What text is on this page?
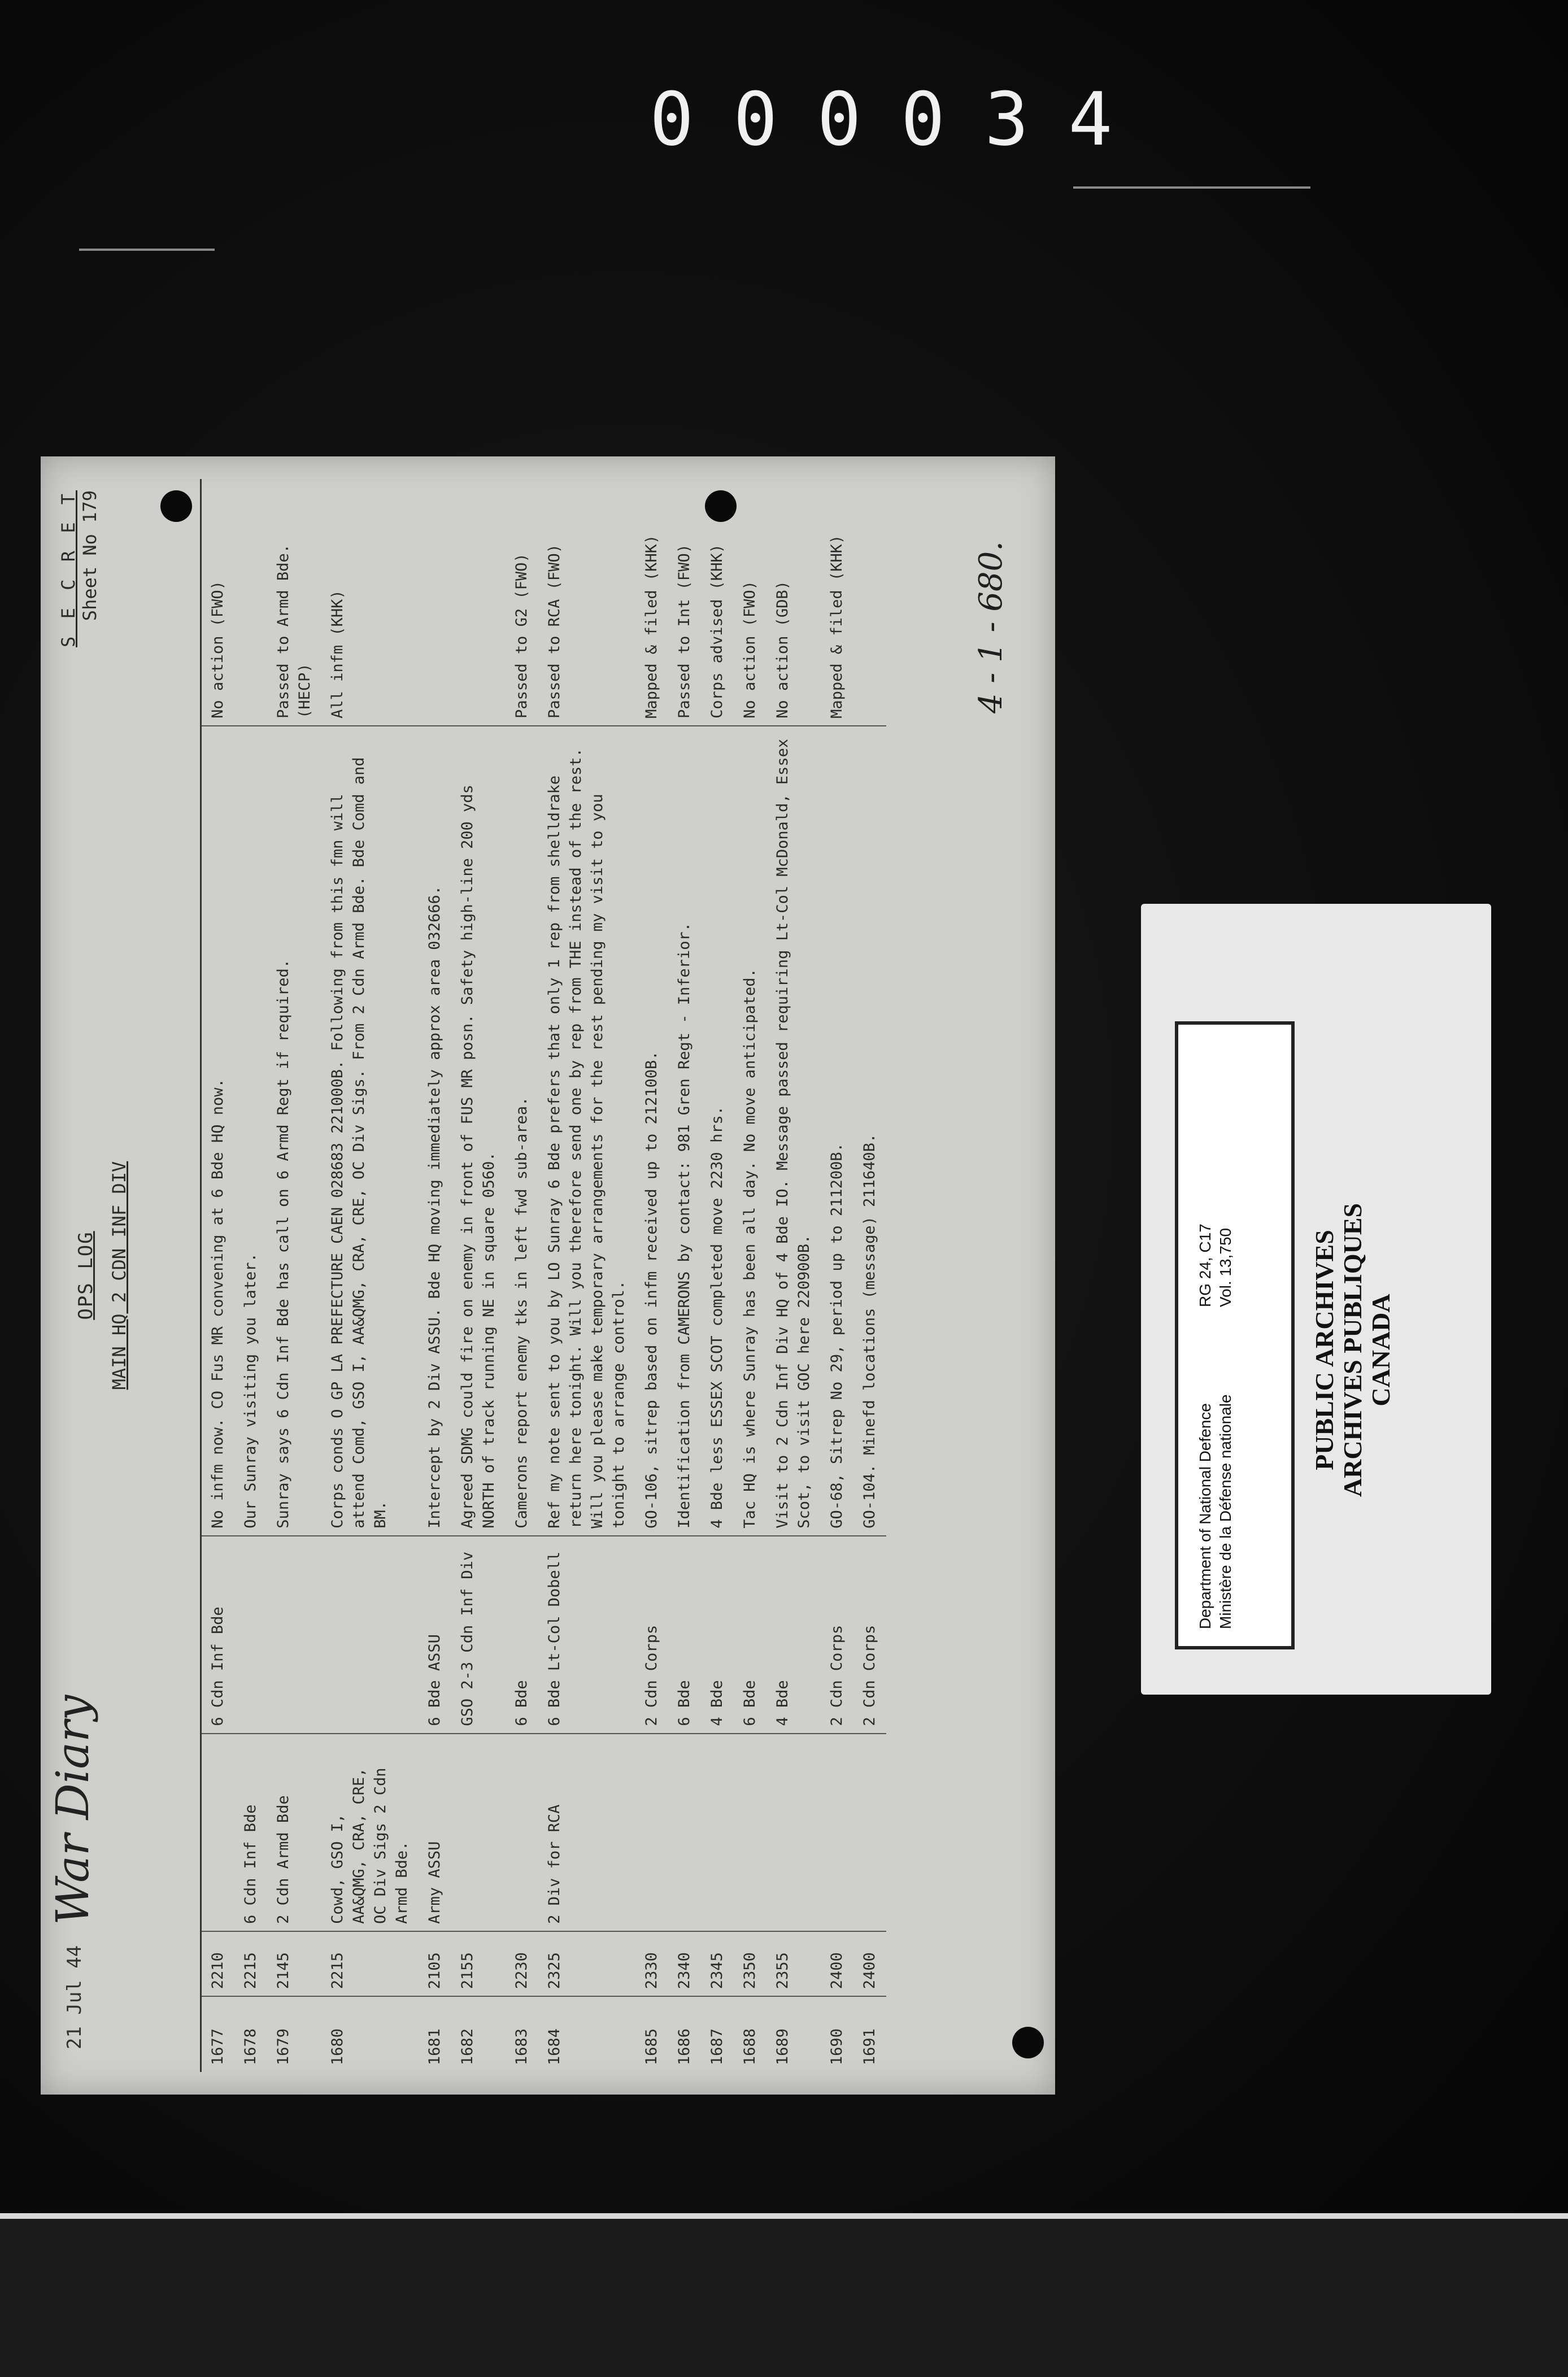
000034
21 Jul 44
War Diary
OPS LOG MAIN HQ 2 CDN INF DIV
S E C R E T Sheet No 179

1677	2210		6 Cdn Inf Bde	No infm now. CO Fus MR convening at 6 Bde HQ now.	No action (FWO)
1678	2215	6 Cdn Inf Bde		Our Sunray visiting you later.	
1679	2145	2 Cdn Armd Bde		Sunray says 6 Cdn Inf Bde has call on 6 Armd Regt if required.	Passed to Armd Bde. (HECP)
1680	2215	Cowd, GSO I, AA&QMG, CRA, CRE, OC Div Sigs 2 Cdn Armd Bde.		Corps conds O GP LA PREFECTURE CAEN 028683 221000B. Following from this fmn will attend Comd, GSO I, AA&QMG, CRA, CRE, OC Div Sigs. From 2 Cdn Armd Bde. Bde Comd and BM.	All infm (KHK)
1681	2105	Army ASSU	6 Bde ASSU	Intercept by 2 Div ASSU. Bde HQ moving immediately approx area 032666.	
1682	2155		GSO 2-3 Cdn Inf Div	Agreed SDMG could fire on enemy in front of FUS MR posn. Safety high-line 200 yds NORTH of track running NE in square 0560.	
1683	2230		6 Bde	Camerons report enemy tks in left fwd sub-area.	Passed to G2 (FWO)
1684	2325	2 Div for RCA	6 Bde Lt-Col Dobell	Ref my note sent to you by LO Sunray 6 Bde prefers that only 1 rep from shelldrake return here tonight. Will you therefore send one by rep from THE instead of the rest. Will you please make temporary arrangements for the rest pending my visit to you tonight to arrange control.	Passed to RCA (FWO)
1685	2330		2 Cdn Corps	GO-106, sitrep based on infm received up to 212100B.	Mapped & filed (KHK)
1686	2340		6 Bde	Identification from CAMERONS by contact: 981 Gren Regt - Inferior.	Passed to Int (FWO)
1687	2345		4 Bde	4 Bde less ESSEX SCOT completed move 2230 hrs.	Corps advised (KHK)
1688	2350		6 Bde	Tac HQ is where Sunray has been all day. No move anticipated.	No action (FWO)
1689	2355		4 Bde	Visit to 2 Cdn Inf Div HQ of 4 Bde IO. Message passed requiring Lt-Col McDonald, Essex Scot, to visit GOC here 220900B.	No action (GDB)
1690	2400		2 Cdn Corps	GO-68, Sitrep No 29, period up to 211200B.	Mapped & filed (KHK)
1691	2400		2 Cdn Corps	GO-104. Minefd locations (message) 211640B.	
4 - 1 - 680.
Department of National Defence Ministère de la Défense nationale
RG 24, C17 Vol. 13,750	PUBLIC ARCHIVES ARCHIVES PUBLIQUES CANADA
